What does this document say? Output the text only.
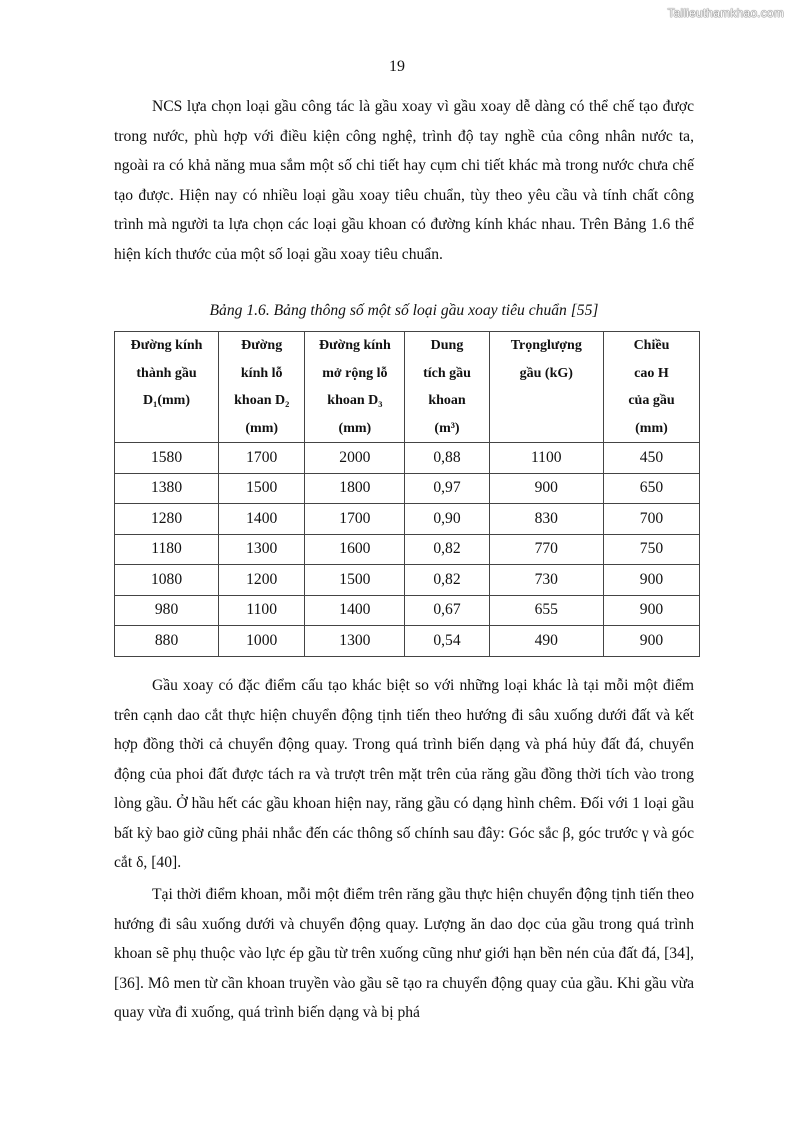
Tailieuthamkhao.com
19

NCS lựa chọn loại gầu công tác là gầu xoay vì gầu xoay dễ dàng có thể chế tạo được trong nước, phù hợp với điều kiện công nghệ, trình độ tay nghề của công nhân nước ta, ngoài ra có khả năng mua sắm một số chi tiết hay cụm chi tiết khác mà trong nước chưa chế tạo được. Hiện nay có nhiều loại gầu xoay tiêu chuẩn, tùy theo yêu cầu và tính chất công trình mà người ta lựa chọn các loại gầu khoan có đường kính khác nhau. Trên Bảng 1.6 thể hiện kích thước của một số loại gầu xoay tiêu chuẩn.

Bảng 1.6. Bảng thông số một số loại gầu xoay tiêu chuẩn [55]
Đường kính
thành gầu
D₁(mm)	Đường
kính lỗ
khoan D₂
(mm)	Đường kính
mở rộng lỗ
khoan D₃
(mm)	Dung
tích gầu
khoan
(m³)	Trọnglượng
gầu (kG)	Chiều
cao H
của gầu
(mm)

1580	1700	2000	0,88	1100	450
1380	1500	1800	0,97	900	650
1280	1400	1700	0,90	830	700
1180	1300	1600	0,82	770	750
1080	1200	1500	0,82	730	900
980	1100	1400	0,67	655	900
880	1000	1300	0,54	490	900

Gầu xoay có đặc điểm cấu tạo khác biệt so với những loại khác là tại mỗi một điểm trên cạnh dao cắt thực hiện chuyển động tịnh tiến theo hướng đi sâu xuống dưới đất và kết hợp đồng thời cả chuyển động quay. Trong quá trình biến dạng và phá hủy đất đá, chuyển động của phoi đất được tách ra và trượt trên mặt trên của răng gầu đồng thời tích vào trong lòng gầu. Ở hầu hết các gầu khoan hiện nay, răng gầu có dạng hình chêm. Đối với 1 loại gầu bất kỳ bao giờ cũng phải nhắc đến các thông số chính sau đây: Góc sắc β, góc trước γ và góc cắt δ, [40].

Tại thời điểm khoan, mỗi một điểm trên răng gầu thực hiện chuyển động tịnh tiến theo hướng đi sâu xuống dưới và chuyển động quay. Lượng ăn dao dọc của gầu trong quá trình khoan sẽ phụ thuộc vào lực ép gầu từ trên xuống cũng như giới hạn bền nén của đất đá, [34], [36]. Mô men từ cần khoan truyền vào gầu sẽ tạo ra chuyển động quay của gầu. Khi gầu vừa quay vừa đi xuống, quá trình biến dạng và bị phá
